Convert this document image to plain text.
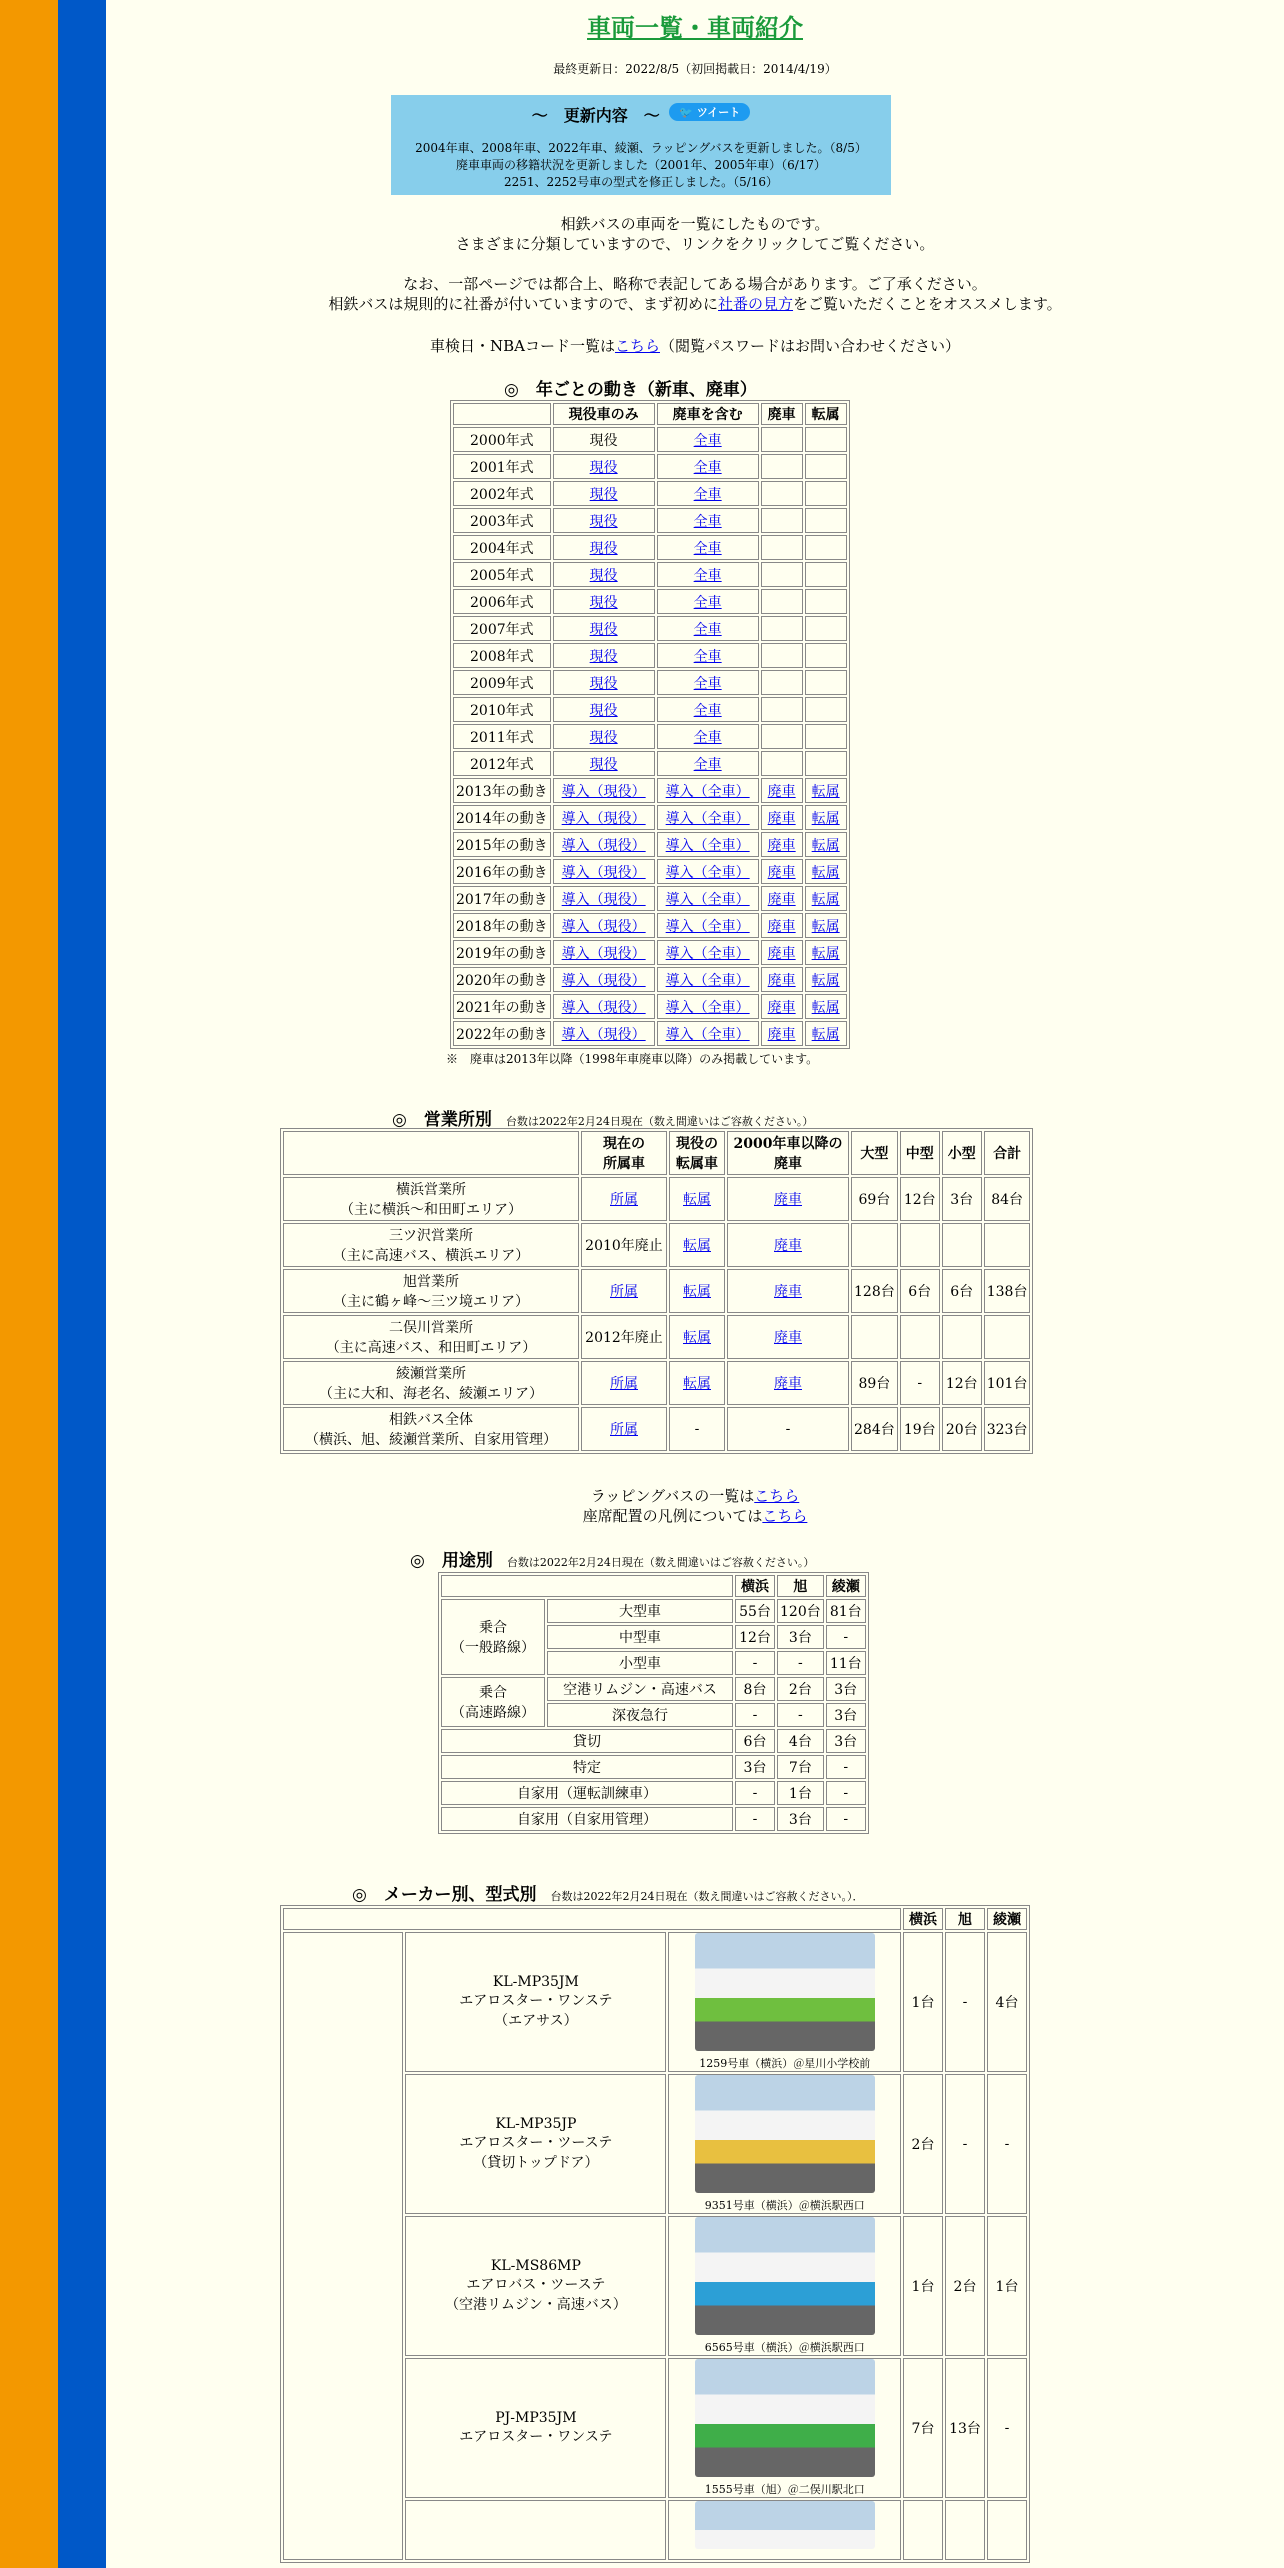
車両一覧・車両紹介
最終更新日：2022/8/5（初回掲載日：2014/4/19）
～　更新内容　～ 🐦 ツイート
2004年車、2008年車、2022年車、綾瀬、ラッピングバスを更新しました。（8/5）
廃車車両の移籍状況を更新しました（2001年、2005年車）（6/17）
2251、2252号車の型式を修正しました。（5/16）
相鉄バスの車両を一覧にしたものです。
さまざまに分類していますので、リンクをクリックしてご覧ください。
なお、一部ページでは都合上、略称で表記してある場合があります。ご了承ください。
相鉄バスは規則的に社番が付いていますので、まず初めに社番の見方をご覧いただくことをオススメします。
車検日・NBAコード一覧はこちら（閲覧パスワードはお問い合わせください）
◎　年ごとの動き（新車、廃車）
	現役車のみ	廃車を含む	廃車	転属
2000年式	現役	全車		
2001年式	現役	全車		
2002年式	現役	全車		
2003年式	現役	全車		
2004年式	現役	全車		
2005年式	現役	全車		
2006年式	現役	全車		
2007年式	現役	全車		
2008年式	現役	全車		
2009年式	現役	全車		
2010年式	現役	全車		
2011年式	現役	全車		
2012年式	現役	全車		
2013年の動き	導入（現役）	導入（全車）	廃車	転属
2014年の動き	導入（現役）	導入（全車）	廃車	転属
2015年の動き	導入（現役）	導入（全車）	廃車	転属
2016年の動き	導入（現役）	導入（全車）	廃車	転属
2017年の動き	導入（現役）	導入（全車）	廃車	転属
2018年の動き	導入（現役）	導入（全車）	廃車	転属
2019年の動き	導入（現役）	導入（全車）	廃車	転属
2020年の動き	導入（現役）	導入（全車）	廃車	転属
2021年の動き	導入（現役）	導入（全車）	廃車	転属
2022年の動き	導入（現役）	導入（全車）	廃車	転属
※　廃車は2013年以降（1998年車廃車以降）のみ掲載しています。
◎　営業所別 台数は2022年2月24日現在（数え間違いはご容赦ください。）
	現在の
所属車	現役の
転属車	2000年車以降の
廃車	大型	中型	小型	合計

横浜営業所
（主に横浜～和田町エリア）	所属	転属	廃車	69台	12台	3台	84台

三ツ沢営業所
（主に高速バス、横浜エリア）	2010年廃止	転属	廃車				

旭営業所
（主に鶴ヶ峰～三ツ境エリア）	所属	転属	廃車	128台	6台	6台	138台

二俣川営業所
（主に高速バス、和田町エリア）	2012年廃止	転属	廃車				

綾瀬営業所
（主に大和、海老名、綾瀬エリア）	所属	転属	廃車	89台	-	12台	101台

相鉄バス全体
（横浜、旭、綾瀬営業所、自家用管理）	所属	-	-	284台	19台	20台	323台
ラッピングバスの一覧はこちら
座席配置の凡例についてはこちら
◎　用途別 台数は2022年2月24日現在（数え間違いはご容赦ください。）
		横浜	旭	綾瀬
乗合
（一般路線）	大型車	55台	120台	81台
	中型車	12台	3台	-
	小型車	-	-	11台
乗合
（高速路線）	空港リムジン・高速バス	8台	2台	3台
	深夜急行	-	-	3台
貸切		6台	4台	3台
特定		3台	7台	-
自家用（運転訓練車）		-	1台	-
自家用（自家用管理）		-	3台	-
◎　メーカー別、型式別 台数は2022年2月24日現在（数え間違いはご容赦ください。）．
			横浜	旭	綾瀬

	KL-MP35JM
エアロスター・ワンステ
（エアサス）	1259号車（横浜）＠星川小学校前	1台	-	4台

	KL-MP35JP
エアロスター・ツーステ
（貸切トップドア）	9351号車（横浜）＠横浜駅西口	2台	-	-

	KL-MS86MP
エアロバス・ツーステ
（空港リムジン・高速バス）	6565号車（横浜）＠横浜駅西口	1台	2台	1台

	PJ-MP35JM
エアロスター・ワンステ	1555号車（旭）＠二俣川駅北口	7台	13台	-
